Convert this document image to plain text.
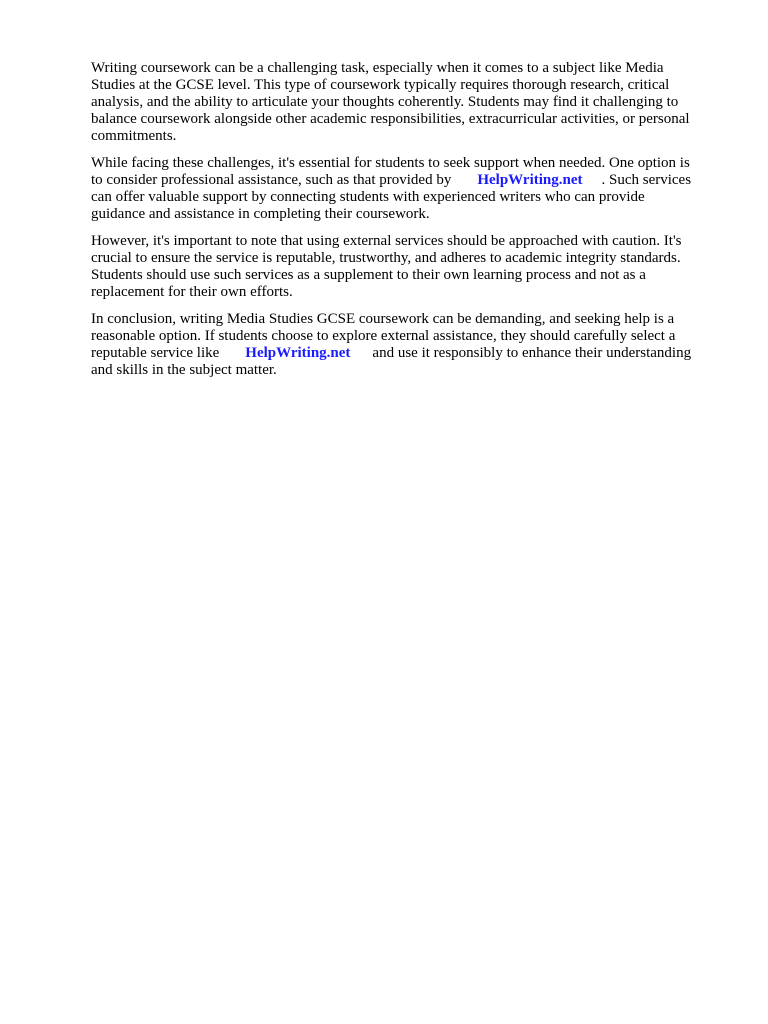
Writing coursework can be a challenging task, especially when it comes to a subject like Media
Studies at the GCSE level. This type of coursework typically requires thorough research, critical
analysis, and the ability to articulate your thoughts coherently. Students may find it challenging to
balance coursework alongside other academic responsibilities, extracurricular activities, or personal
commitments.
While facing these challenges, it's essential for students to seek support when needed. One option is
to consider professional assistance, such as that provided by HelpWriting.net . Such services
can offer valuable support by connecting students with experienced writers who can provide
guidance and assistance in completing their coursework.
However, it's important to note that using external services should be approached with caution. It's
crucial to ensure the service is reputable, trustworthy, and adheres to academic integrity standards.
Students should use such services as a supplement to their own learning process and not as a
replacement for their own efforts.
In conclusion, writing Media Studies GCSE coursework can be demanding, and seeking help is a
reasonable option. If students choose to explore external assistance, they should carefully select a
reputable service like HelpWriting.net and use it responsibly to enhance their understanding
and skills in the subject matter.
